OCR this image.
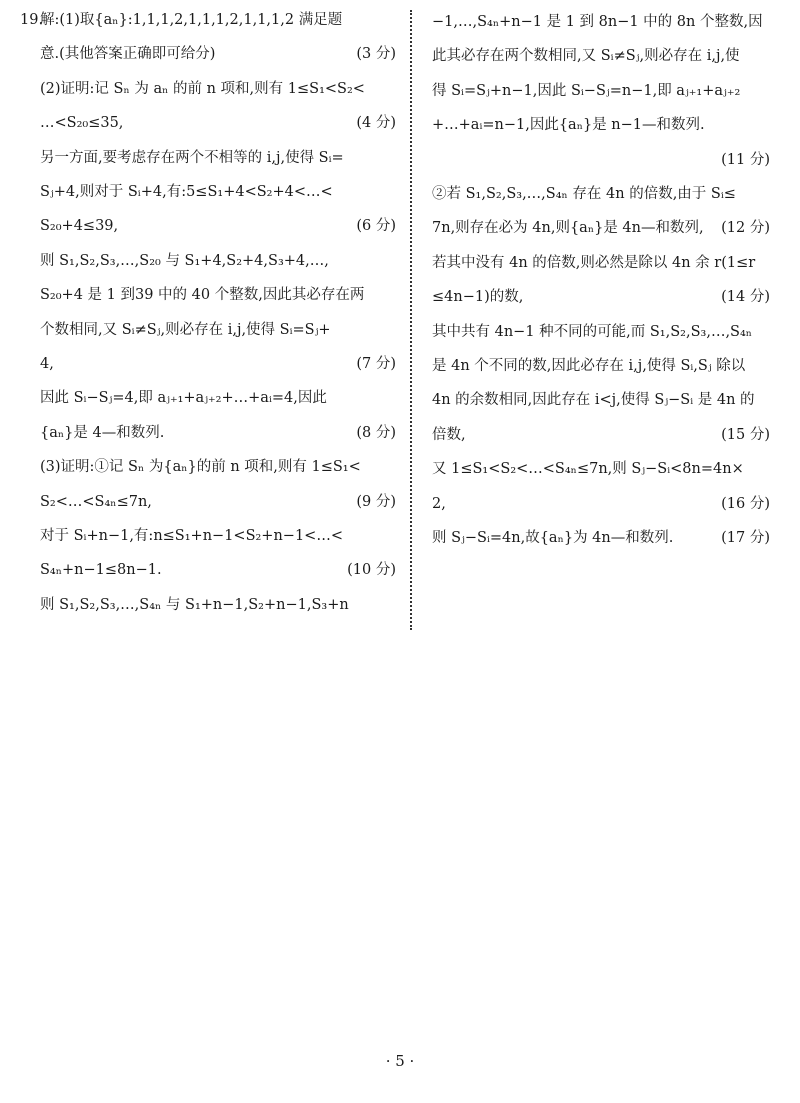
19.
解:(1)取{aₙ}:1,1,1,2,1,1,1,2,1,1,1,2 满足题
意.(其他答案正确即可给分)	(3 分)
(2)证明:记 Sₙ 为 aₙ 的前 n 项和,则有 1≤S₁<S₂<
…<S₂₀≤35,	(4 分)
另一方面,要考虑存在两个不相等的 i,j,使得 Sᵢ=
Sⱼ+4,则对于 Sᵢ+4,有:5≤S₁+4<S₂+4<…<
S₂₀+4≤39,	(6 分)
则 S₁,S₂,S₃,…,S₂₀ 与 S₁+4,S₂+4,S₃+4,…,
S₂₀+4 是 1 到39 中的 40 个整数,因此其必存在两
个数相同,又 Sᵢ≠Sⱼ,则必存在 i,j,使得 Sᵢ=Sⱼ+
4,	(7 分)
因此 Sᵢ−Sⱼ=4,即 aⱼ₊₁+aⱼ₊₂+…+aᵢ=4,因此
{aₙ}是 4—和数列.	(8 分)
(3)证明:①记 Sₙ 为{aₙ}的前 n 项和,则有 1≤S₁<
S₂<…<S₄ₙ≤7n,	(9 分)
对于 Sᵢ+n−1,有:n≤S₁+n−1<S₂+n−1<…<
S₄ₙ+n−1≤8n−1.	(10 分)
则 S₁,S₂,S₃,…,S₄ₙ 与 S₁+n−1,S₂+n−1,S₃+n
−1,…,S₄ₙ+n−1 是 1 到 8n−1 中的 8n 个整数,因
此其必存在两个数相同,又 Sᵢ≠Sⱼ,则必存在 i,j,使
得 Sᵢ=Sⱼ+n−1,因此 Sᵢ−Sⱼ=n−1,即 aⱼ₊₁+aⱼ₊₂
+…+aᵢ=n−1,因此{aₙ}是 n−1—和数列.
(11 分)
②若 S₁,S₂,S₃,…,S₄ₙ 存在 4n 的倍数,由于 Sᵢ≤
7n,则存在必为 4n,则{aₙ}是 4n—和数列, (12 分)
若其中没有 4n 的倍数,则必然是除以 4n 余 r(1≤r
≤4n−1)的数,	(14 分)
其中共有 4n−1 种不同的可能,而 S₁,S₂,S₃,…,S₄ₙ
是 4n 个不同的数,因此必存在 i,j,使得 Sᵢ,Sⱼ 除以
4n 的余数相同,因此存在 i<j,使得 Sⱼ−Sᵢ 是 4n 的
倍数,	(15 分)
又 1≤S₁<S₂<…<S₄ₙ≤7n,则 Sⱼ−Sᵢ<8n=4n×
2,	(16 分)
则 Sⱼ−Sᵢ=4n,故{aₙ}为 4n—和数列.	(17 分)
· 5 ·
